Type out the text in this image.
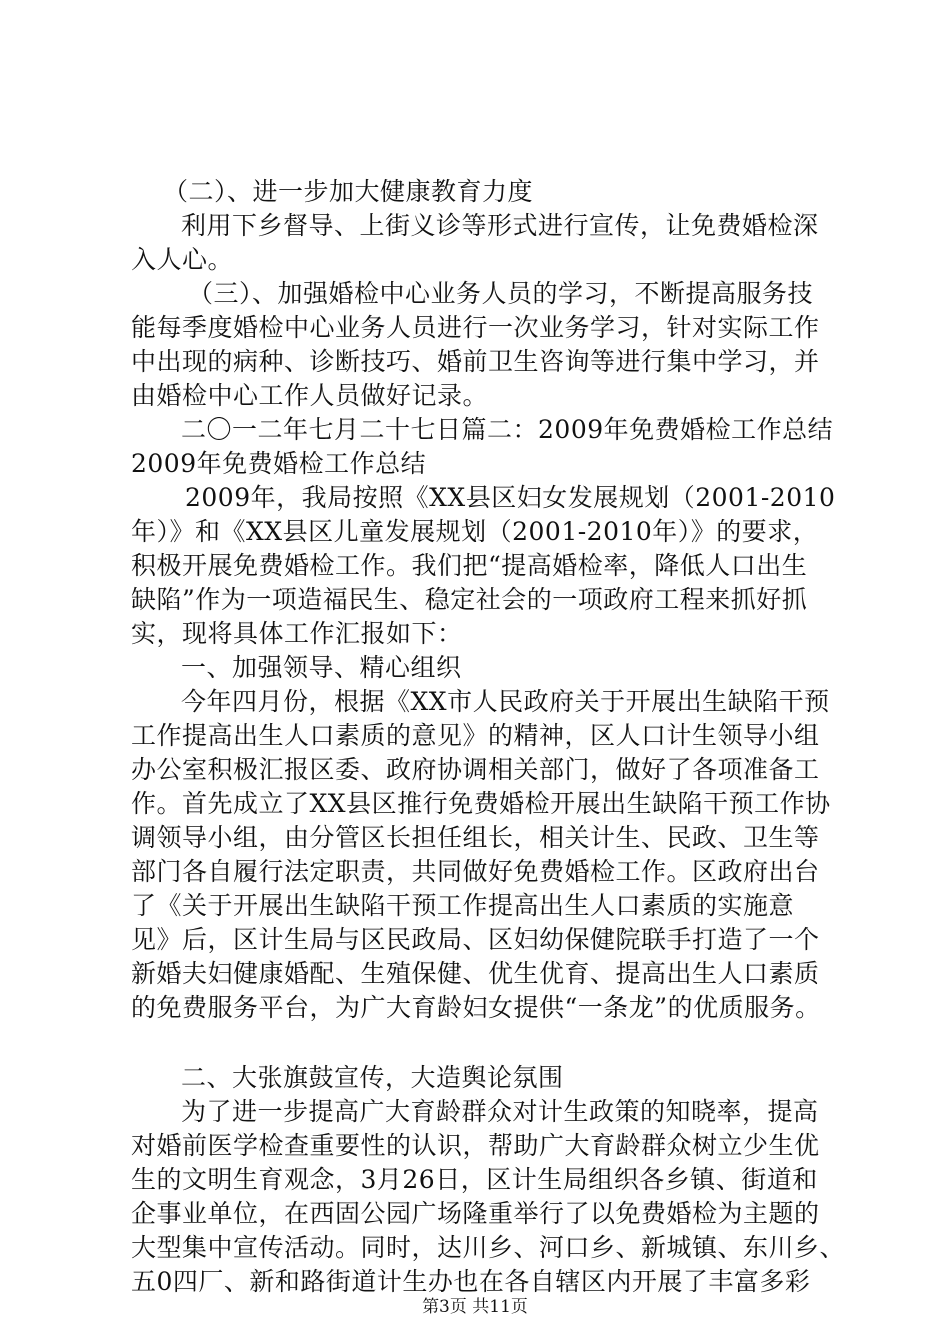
（二）、进一步加大健康教育力度
利用下乡督导、上街义诊等形式进行宣传，让免费婚检深
入人心。
（三）、加强婚检中心业务人员的学习，不断提高服务技
能每季度婚检中心业务人员进行一次业务学习，针对实际工作
中出现的病种、诊断技巧、婚前卫生咨询等进行集中学习，并
由婚检中心工作人员做好记录。
二〇一二年七月二十七日篇二：2009年免费婚检工作总结
2009年免费婚检工作总结
2009年，我局按照《XX县区妇女发展规划（2001-2010
年）》和《XX县区儿童发展规划（2001-2010年）》的要求，
积极开展免费婚检工作。我们把“提高婚检率，降低人口出生
缺陷”作为一项造福民生、稳定社会的一项政府工程来抓好抓
实，现将具体工作汇报如下：
一、加强领导、精心组织
今年四月份，根据《XX市人民政府关于开展出生缺陷干预
工作提高出生人口素质的意见》的精神，区人口计生领导小组
办公室积极汇报区委、政府协调相关部门，做好了各项准备工
作。首先成立了XX县区推行免费婚检开展出生缺陷干预工作协
调领导小组，由分管区长担任组长，相关计生、民政、卫生等
部门各自履行法定职责，共同做好免费婚检工作。区政府出台
了《关于开展出生缺陷干预工作提高出生人口素质的实施意
见》后，区计生局与区民政局、区妇幼保健院联手打造了一个
新婚夫妇健康婚配、生殖保健、优生优育、提高出生人口素质
的免费服务平台，为广大育龄妇女提供“一条龙”的优质服务。
二、大张旗鼓宣传，大造舆论氛围
为了进一步提高广大育龄群众对计生政策的知晓率，提高
对婚前医学检查重要性的认识，帮助广大育龄群众树立少生优
生的文明生育观念，3月26日，区计生局组织各乡镇、街道和
企事业单位，在西固公园广场隆重举行了以免费婚检为主题的
大型集中宣传活动。同时，达川乡、河口乡、新城镇、东川乡、
五0四厂、新和路街道计生办也在各自辖区内开展了丰富多彩
第3页 共11页
